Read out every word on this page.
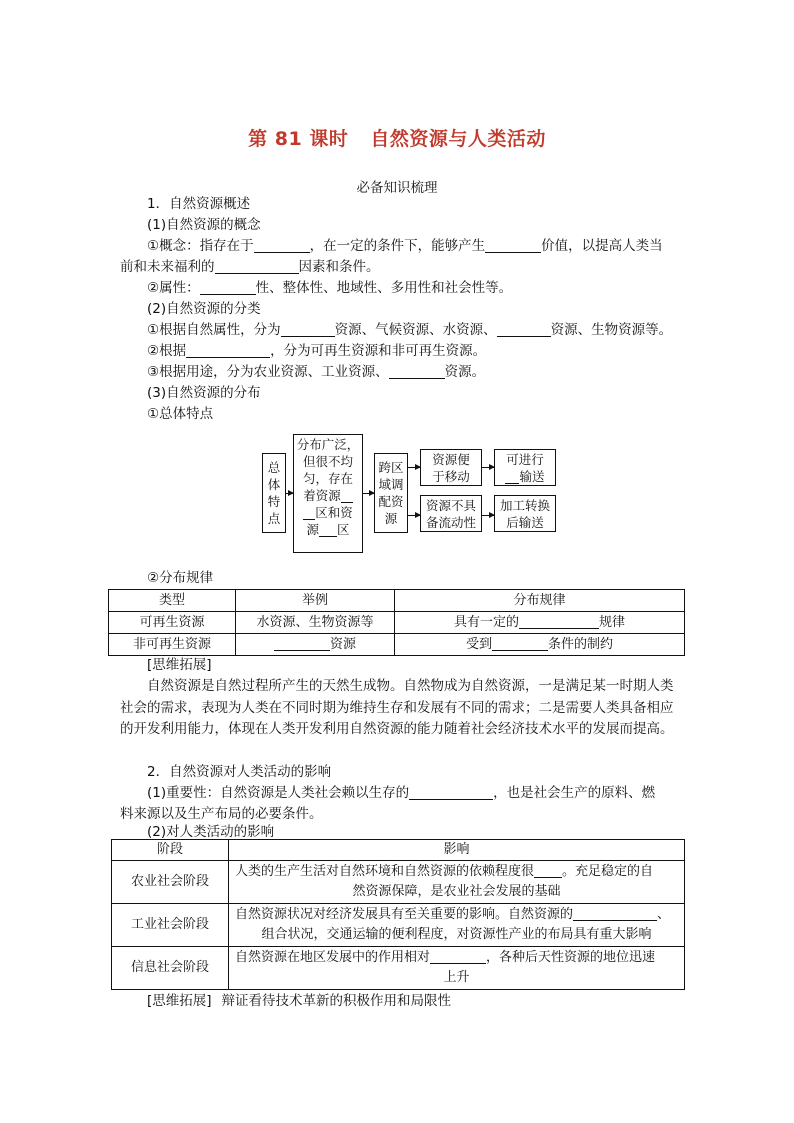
第 81 课时 自然资源与人类活动
必备知识梳理
1．自然资源概述
(1)自然资源的概念
①概念：指存在于	，在一定的条件下，能够产生	价值，以提高人类当
前和未来福利的	因素和条件。
②属性：	性、整体性、地域性、多用性和社会性等。
(2)自然资源的分类
①根据自然属性，分为	资源、气候资源、水资源、	资源、生物资源等。
②根据	，分为可再生资源和非可再生资源。
③根据用途，分为农业资源、工业资源、	资源。
(3)自然资源的分布
①总体特点
总
体
特
点
分布广泛，
但很不均
匀，存在
着资源
区和资
源 区
跨区
域调
配资
源
资源便
于移动
资源不具
备流动性
可进行
输送
加工转换
后输送
②分布规律
类型	举例	分布规律
可再生资源	水资源、生物资源等	具有一定的 规律
非可再生资源	资源	受到 条件的制约
[思维拓展]
自然资源是自然过程所产生的天然生成物。自然物成为自然资源，一是满足某一时期人类社会的需求，表现为人类在不同时期为维持生存和发展有不同的需求；二是需要人类具备相应的开发利用能力，体现在人类开发利用自然资源的能力随着社会经济技术水平的发展而提高。
2．自然资源对人类活动的影响
(1)重要性：自然资源是人类社会赖以生存的	，也是社会生产的原料、燃
料来源以及生产布局的必要条件。
(2)对人类活动的影响
阶段	影响
农业社会阶段	人类的生产生活对自然环境和自然资源的依赖程度很 。充足稳定的自
然资源保障，是农业社会发展的基础

工业社会阶段	自然资源状况对经济发展具有至关重要的影响。自然资源的 、
组合状况，交通运输的便利程度，对资源性产业的布局具有重大影响

信息社会阶段	自然资源在地区发展中的作用相对 ，各种后天性资源的地位迅速
上升
[思维拓展] 辩证看待技术革新的积极作用和局限性
